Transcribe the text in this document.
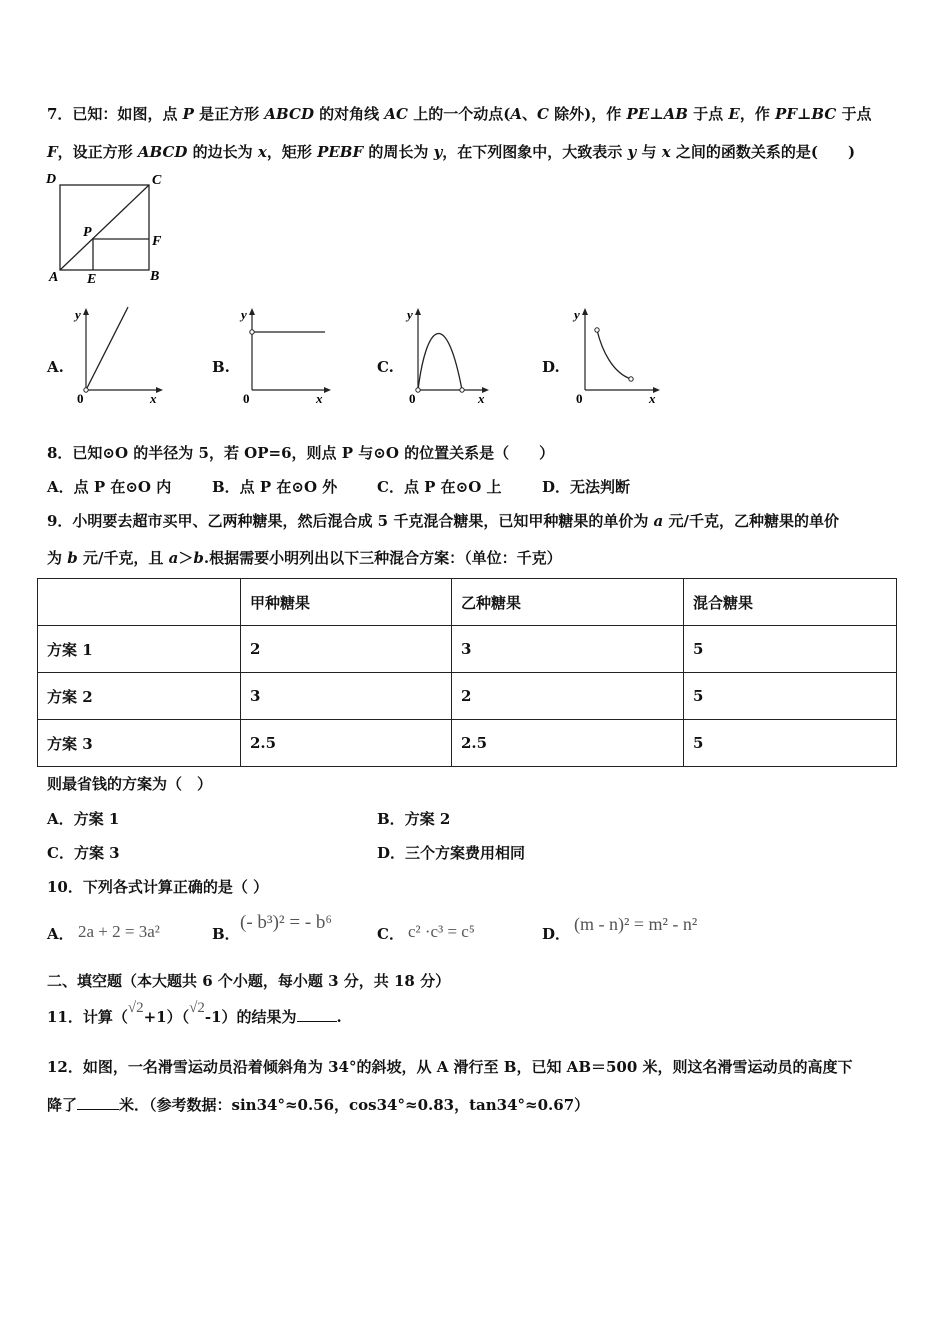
7．已知：如图，点 P 是正方形 ABCD 的对角线 AC 上的一个动点(A、C 除外)，作 PE⊥AB 于点 E，作 PF⊥BC 于点
F，设正方形 ABCD 的边长为 x，矩形 PEBF 的周长为 y，在下列图象中，大致表示 y 与 x 之间的函数关系的是(　　)
D	C
P
F
A E	B
A.
y
x
0
B.
y
x
0
C.
y
x
0
D.
y
x
0
8．已知⊙O 的半径为 5，若 OP=6，则点 P 与⊙O 的位置关系是（　　）
A．点 P 在⊙O 内	B．点 P 在⊙O 外	C．点 P 在⊙O 上	D．无法判断
9．小明要去超市买甲、乙两种糖果，然后混合成 5 千克混合糖果，已知甲种糖果的单价为 a 元/千克，乙种糖果的单价
为 b 元/千克，且 a＞b.根据需要小明列出以下三种混合方案：（单位：千克）
	甲种糖果	乙种糖果	混合糖果
方案 1	2	3	5
方案 2	3	2	5
方案 3	2.5	2.5	5
则最省钱的方案为（　）
A．方案 1	B．方案 2
C．方案 3	D．三个方案费用相同
10．下列各式计算正确的是（ ）
A． 2a + 2 = 3a²	B．
(- b³)² = - b⁶
C． c² ·c³ = c⁵	D． (m - n)² = m² - n²
二、填空题（本大题共 6 个小题，每小题 3 分，共 18 分）
11．计算（√2+1）（√2-1）的结果为	.
12．如图，一名滑雪运动员沿着倾斜角为 34°的斜坡，从 A 滑行至 B，已知 AB＝500 米，则这名滑雪运动员的高度下
降了	米．（参考数据：sin34°≈0.56，cos34°≈0.83，tan34°≈0.67）
